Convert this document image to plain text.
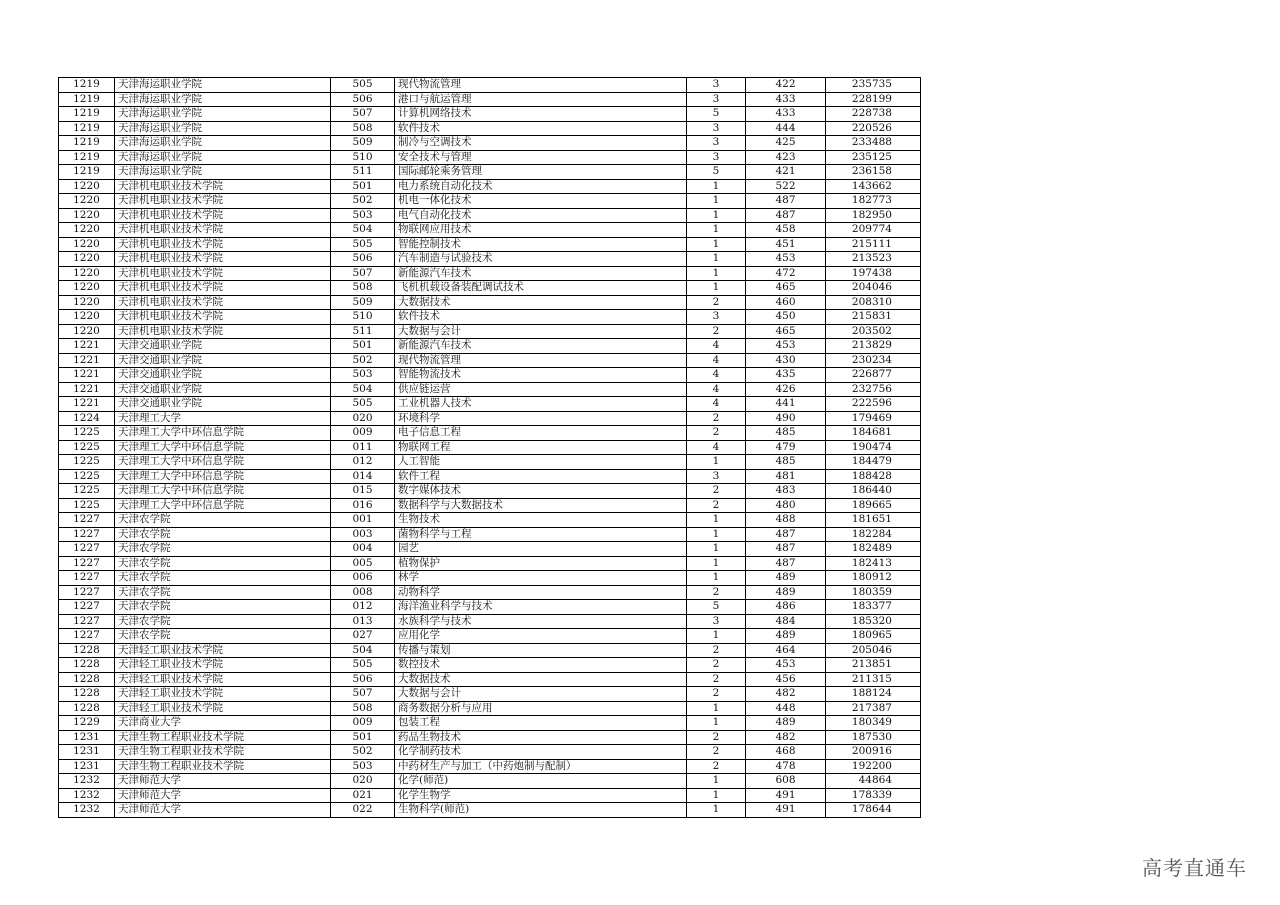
1219	天津海运职业学院	505	现代物流管理	3	422	235735
1219	天津海运职业学院	506	港口与航运管理	3	433	228199
1219	天津海运职业学院	507	计算机网络技术	5	433	228738
1219	天津海运职业学院	508	软件技术	3	444	220526
1219	天津海运职业学院	509	制冷与空调技术	3	425	233488
1219	天津海运职业学院	510	安全技术与管理	3	423	235125
1219	天津海运职业学院	511	国际邮轮乘务管理	5	421	236158
1220	天津机电职业技术学院	501	电力系统自动化技术	1	522	143662
1220	天津机电职业技术学院	502	机电一体化技术	1	487	182773
1220	天津机电职业技术学院	503	电气自动化技术	1	487	182950
1220	天津机电职业技术学院	504	物联网应用技术	1	458	209774
1220	天津机电职业技术学院	505	智能控制技术	1	451	215111
1220	天津机电职业技术学院	506	汽车制造与试验技术	1	453	213523
1220	天津机电职业技术学院	507	新能源汽车技术	1	472	197438
1220	天津机电职业技术学院	508	飞机机载设备装配调试技术	1	465	204046
1220	天津机电职业技术学院	509	大数据技术	2	460	208310
1220	天津机电职业技术学院	510	软件技术	3	450	215831
1220	天津机电职业技术学院	511	大数据与会计	2	465	203502
1221	天津交通职业学院	501	新能源汽车技术	4	453	213829
1221	天津交通职业学院	502	现代物流管理	4	430	230234
1221	天津交通职业学院	503	智能物流技术	4	435	226877
1221	天津交通职业学院	504	供应链运营	4	426	232756
1221	天津交通职业学院	505	工业机器人技术	4	441	222596
1224	天津理工大学	020	环境科学	2	490	179469
1225	天津理工大学中环信息学院	009	电子信息工程	2	485	184681
1225	天津理工大学中环信息学院	011	物联网工程	4	479	190474
1225	天津理工大学中环信息学院	012	人工智能	1	485	184479
1225	天津理工大学中环信息学院	014	软件工程	3	481	188428
1225	天津理工大学中环信息学院	015	数字媒体技术	2	483	186440
1225	天津理工大学中环信息学院	016	数据科学与大数据技术	2	480	189665
1227	天津农学院	001	生物技术	1	488	181651
1227	天津农学院	003	菌物科学与工程	1	487	182284
1227	天津农学院	004	园艺	1	487	182489
1227	天津农学院	005	植物保护	1	487	182413
1227	天津农学院	006	林学	1	489	180912
1227	天津农学院	008	动物科学	2	489	180359
1227	天津农学院	012	海洋渔业科学与技术	5	486	183377
1227	天津农学院	013	水族科学与技术	3	484	185320
1227	天津农学院	027	应用化学	1	489	180965
1228	天津轻工职业技术学院	504	传播与策划	2	464	205046
1228	天津轻工职业技术学院	505	数控技术	2	453	213851
1228	天津轻工职业技术学院	506	大数据技术	2	456	211315
1228	天津轻工职业技术学院	507	大数据与会计	2	482	188124
1228	天津轻工职业技术学院	508	商务数据分析与应用	1	448	217387
1229	天津商业大学	009	包装工程	1	489	180349
1231	天津生物工程职业技术学院	501	药品生物技术	2	482	187530
1231	天津生物工程职业技术学院	502	化学制药技术	2	468	200916
1231	天津生物工程职业技术学院	503	中药材生产与加工（中药炮制与配制）	2	478	192200
1232	天津师范大学	020	化学(师范)	1	608	44864
1232	天津师范大学	021	化学生物学	1	491	178339
1232	天津师范大学	022	生物科学(师范)	1	491	178644
高考直通车
